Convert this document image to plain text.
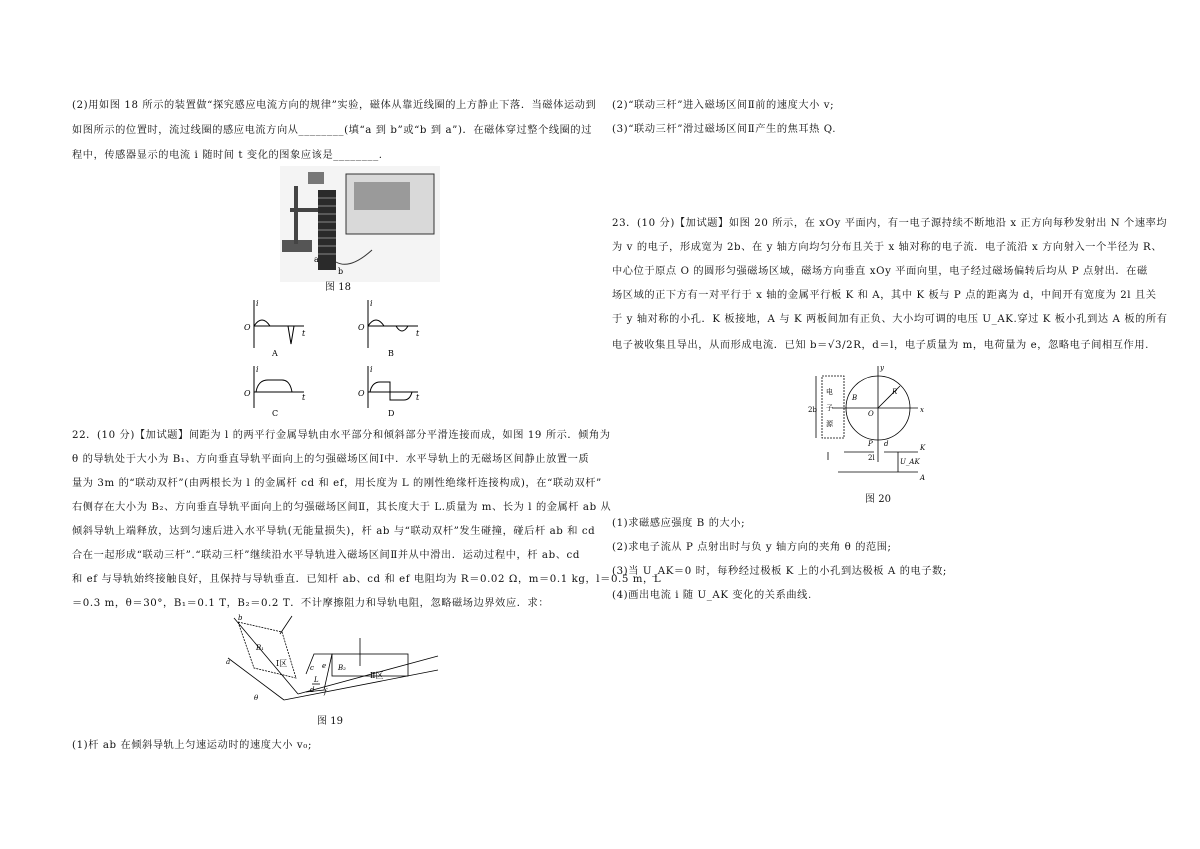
(2)用如图 18 所示的装置做“探究感应电流方向的规律”实验，磁体从靠近线圈的上方静止下落．当磁体运动到
如图所示的位置时，流过线圈的感应电流方向从________(填“a 到 b”或“b 到 a”)．在磁体穿过整个线圈的过
程中，传感器显示的电流 i 随时间 t 变化的图象应该是________.
a
b
图 18
i
t
O
A
i
t
O
B
i
t
O
C
i
t
O
D
22．(10 分)【加试题】间距为 l 的两平行金属导轨由水平部分和倾斜部分平滑连接而成，如图 19 所示．倾角为
θ 的导轨处于大小为 B₁、方向垂直导轨平面向上的匀强磁场区间Ⅰ中．水平导轨上的无磁场区间静止放置一质
量为 3m 的“联动双杆”(由两根长为 l 的金属杆 cd 和 ef，用长度为 L 的刚性绝缘杆连接构成)，在“联动双杆”
右侧存在大小为 B₂、方向垂直导轨平面向上的匀强磁场区间Ⅱ，其长度大于 L.质量为 m、长为 l 的金属杆 ab 从
倾斜导轨上端释放，达到匀速后进入水平导轨(无能量损失)，杆 ab 与“联动双杆”发生碰撞，碰后杆 ab 和 cd
合在一起形成“联动三杆”.“联动三杆”继续沿水平导轨进入磁场区间Ⅱ并从中滑出．运动过程中，杆 ab、cd
和 ef 与导轨始终接触良好，且保持与导轨垂直．已知杆 ab、cd 和 ef 电阻均为 R＝0.02 Ω，m＝0.1 kg，l＝0.5 m，L
＝0.3 m，θ＝30°，B₁＝0.1 T，B₂＝0.2 T．不计摩擦阻力和导轨电阻，忽略磁场边界效应．求：
b
a
B₁
Ⅰ区	c
d
e
f
L
B₂
Ⅱ区
θ
图 19
(1)杆 ab 在倾斜导轨上匀速运动时的速度大小 v₀;
(2)“联动三杆”进入磁场区间Ⅱ前的速度大小 v;
(3)“联动三杆”滑过磁场区间Ⅱ产生的焦耳热 Q.
23．(10 分)【加试题】如图 20 所示，在 xOy 平面内，有一电子源持续不断地沿 x 正方向每秒发射出 N 个速率均
为 v 的电子，形成宽为 2b、在 y 轴方向均匀分布且关于 x 轴对称的电子流．电子流沿 x 方向射入一个半径为 R、
中心位于原点 O 的圆形匀强磁场区域，磁场方向垂直 xOy 平面向里，电子经过磁场偏转后均从 P 点射出．在磁
场区域的正下方有一对平行于 x 轴的金属平行板 K 和 A，其中 K 板与 P 点的距离为 d，中间开有宽度为 2l 且关
于 y 轴对称的小孔．K 板接地，A 与 K 两板间加有正负、大小均可调的电压 U_AK.穿过 K 板小孔到达 A 板的所有
电子被收集且导出，从而形成电流．已知 b＝√3/2R，d＝l，电子质量为 m，电荷量为 e，忽略电子间相互作用.
电
子
源
2b
y
x
O
R
B
P d	K
2l	U_AK
A
图 20
(1)求磁感应强度 B 的大小;
(2)求电子流从 P 点射出时与负 y 轴方向的夹角 θ 的范围;
(3)当 U_AK＝0 时，每秒经过极板 K 上的小孔到达极板 A 的电子数;
(4)画出电流 i 随 U_AK 变化的关系曲线.
